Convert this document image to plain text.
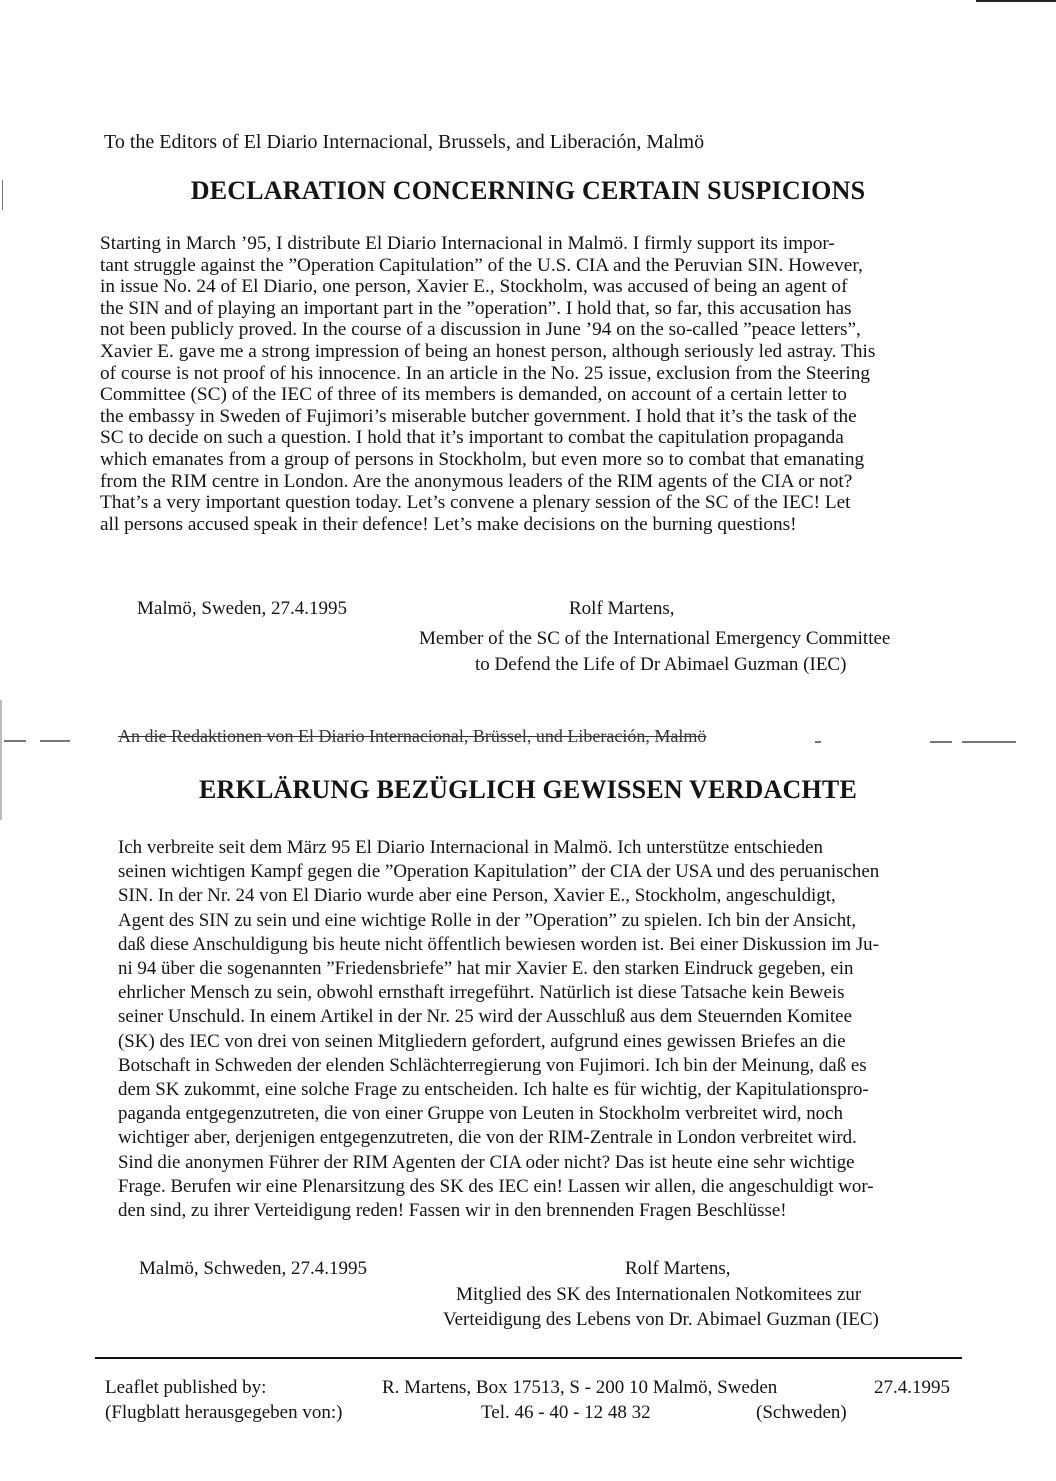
To the Editors of El Diario Internacional, Brussels, and Liberación, Malmö
DECLARATION CONCERNING CERTAIN SUSPICIONS
Starting in March ’95, I distribute El Diario Internacional in Malmö. I firmly support its impor-
tant struggle against the ”Operation Capitulation” of the U.S. CIA and the Peruvian SIN. However,
in issue No. 24 of El Diario, one person, Xavier E., Stockholm, was accused of being an agent of
the SIN and of playing an important part in the ”operation”. I hold that, so far, this accusation has
not been publicly proved. In the course of a discussion in June ’94 on the so-called ”peace letters”,
Xavier E. gave me a strong impression of being an honest person, although seriously led astray. This
of course is not proof of his innocence. In an article in the No. 25 issue, exclusion from the Steering
Committee (SC) of the IEC of three of its members is demanded, on account of a certain letter to
the embassy in Sweden of Fujimori’s miserable butcher government. I hold that it’s the task of the
SC to decide on such a question. I hold that it’s important to combat the capitulation propaganda
which emanates from a group of persons in Stockholm, but even more so to combat that emanating
from the RIM centre in London. Are the anonymous leaders of the RIM agents of the CIA or not?
That’s a very important question today. Let’s convene a plenary session of the SC of the IEC! Let
all persons accused speak in their defence! Let’s make decisions on the burning questions!
Malmö, Sweden, 27.4.1995	Rolf Martens,
Member of the SC of the International Emergency Committee
to Defend the Life of Dr Abimael Guzman (IEC)
An die Redaktionen von El Diario Internacional, Brüssel, und Liberación, Malmö
ERKLÄRUNG BEZÜGLICH GEWISSEN VERDACHTE
Ich verbreite seit dem März 95 El Diario Internacional in Malmö. Ich unterstütze entschieden
seinen wichtigen Kampf gegen die ”Operation Kapitulation” der CIA der USA und des peruanischen
SIN. In der Nr. 24 von El Diario wurde aber eine Person, Xavier E., Stockholm, angeschuldigt,
Agent des SIN zu sein und eine wichtige Rolle in der ”Operation” zu spielen. Ich bin der Ansicht,
daß diese Anschuldigung bis heute nicht öffentlich bewiesen worden ist. Bei einer Diskussion im Ju-
ni 94 über die sogenannten ”Friedensbriefe” hat mir Xavier E. den starken Eindruck gegeben, ein
ehrlicher Mensch zu sein, obwohl ernsthaft irregeführt. Natürlich ist diese Tatsache kein Beweis
seiner Unschuld. In einem Artikel in der Nr. 25 wird der Ausschluß aus dem Steuernden Komitee
(SK) des IEC von drei von seinen Mitgliedern gefordert, aufgrund eines gewissen Briefes an die
Botschaft in Schweden der elenden Schlächterregierung von Fujimori. Ich bin der Meinung, daß es
dem SK zukommt, eine solche Frage zu entscheiden. Ich halte es für wichtig, der Kapitulationspro-
paganda entgegenzutreten, die von einer Gruppe von Leuten in Stockholm verbreitet wird, noch
wichtiger aber, derjenigen entgegenzutreten, die von der RIM-Zentrale in London verbreitet wird.
Sind die anonymen Führer der RIM Agenten der CIA oder nicht? Das ist heute eine sehr wichtige
Frage. Berufen wir eine Plenarsitzung des SK des IEC ein! Lassen wir allen, die angeschuldigt wor-
den sind, zu ihrer Verteidigung reden! Fassen wir in den brennenden Fragen Beschlüsse!
Malmö, Schweden, 27.4.1995	Rolf Martens,
Mitglied des SK des Internationalen Notkomitees zur
Verteidigung des Lebens von Dr. Abimael Guzman (IEC)
Leaflet published by:	R. Martens, Box 17513, S - 200 10 Malmö, Sweden	27.4.1995
(Flugblatt herausgegeben von:)	Tel. 46 - 40 - 12 48 32	(Schweden)
